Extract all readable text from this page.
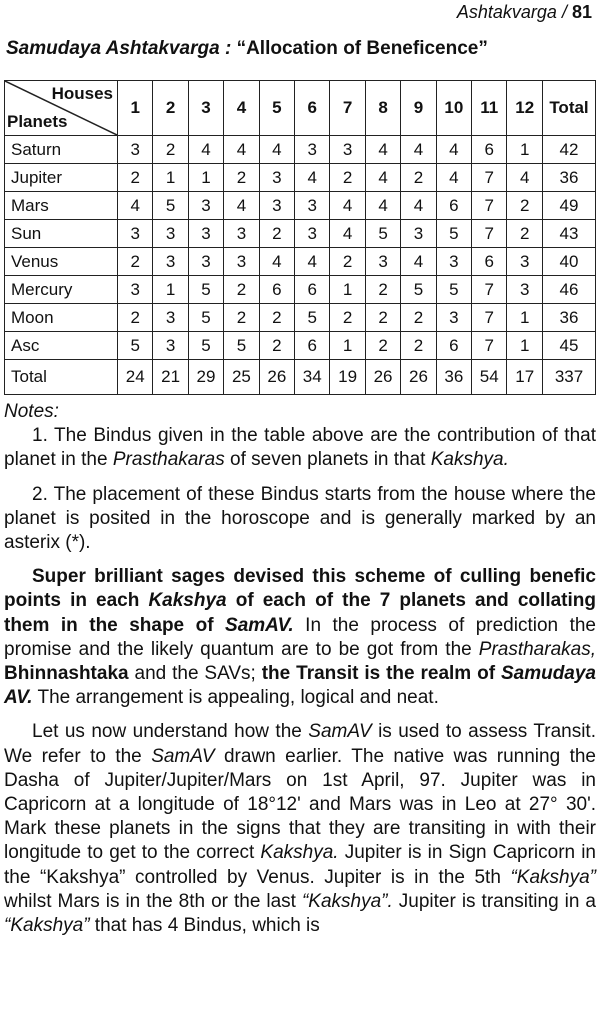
Ashtakvarga / 81
Samudaya Ashtakvarga : “Allocation of Beneficence”
Houses
Planets	1	2	3	4	5	6	7	8	9	10	11	12	Total
Saturn	3	2	4	4	4	3	3	4	4	4	6	1	42
Jupiter	2	1	1	2	3	4	2	4	2	4	7	4	36
Mars	4	5	3	4	3	3	4	4	4	6	7	2	49
Sun	3	3	3	3	2	3	4	5	3	5	7	2	43
Venus	2	3	3	3	4	4	2	3	4	3	6	3	40
Mercury	3	1	5	2	6	6	1	2	5	5	7	3	46
Moon	2	3	5	2	2	5	2	2	2	3	7	1	36
Asc	5	3	5	5	2	6	1	2	2	6	7	1	45
Total	24	21	29	25	26	34	19	26	26	36	54	17	337

Notes:

1. The Bindus given in the table above are the contribution of that planet in the Prasthakaras of seven planets in that Kakshya.

2. The placement of these Bindus starts from the house where the planet is posited in the horoscope and is generally marked by an asterix (*).

Super brilliant sages devised this scheme of culling benefic points in each Kakshya of each of the 7 planets and collating them in the shape of SamAV. In the process of prediction the promise and the likely quantum are to be got from the Prastharakas, Bhinnashtaka and the SAVs; the Transit is the realm of Samudaya AV. The arrangement is appealing, logical and neat.

Let us now understand how the SamAV is used to assess Transit. We refer to the SamAV drawn earlier. The native was running the Dasha of Jupiter/Jupiter/Mars on 1st April, 97. Jupiter was in Capricorn at a longitude of 18°12' and Mars was in Leo at 27° 30'. Mark these planets in the signs that they are transiting in with their longitude to get to the correct Kakshya. Jupiter is in Sign Capricorn in the “Kakshya” controlled by Venus. Jupiter is in the 5th “Kakshya” whilst Mars is in the 8th or the last “Kakshya”. Jupiter is transiting in a “Kakshya” that has 4 Bindus, which is
